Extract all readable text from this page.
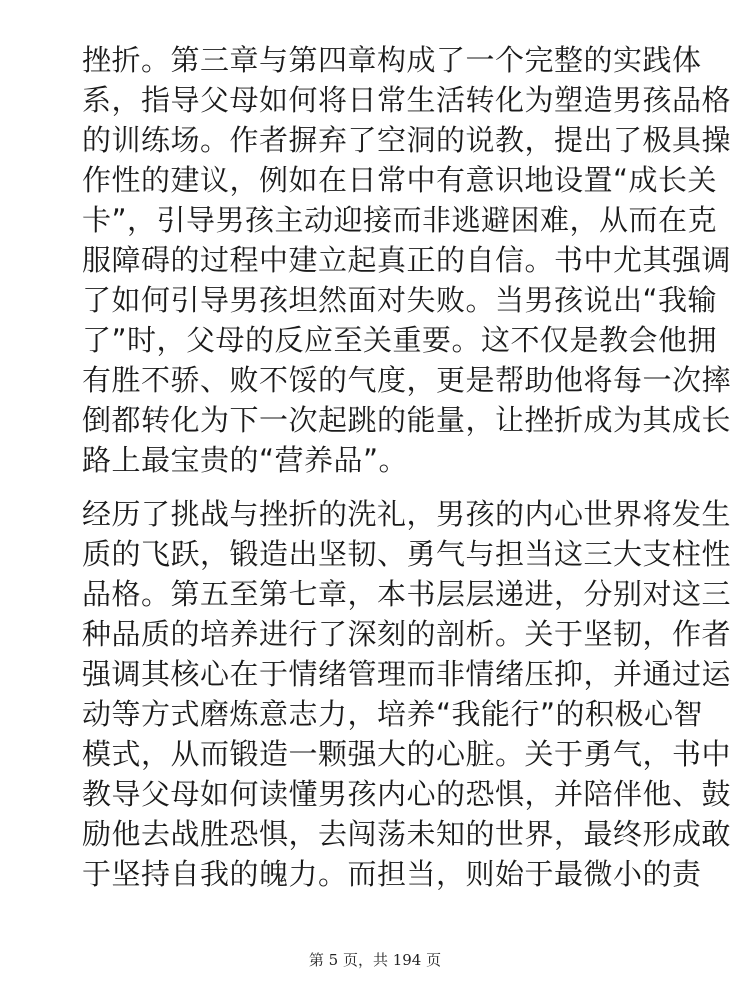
挫折。第三章与第四章构成了一个完整的实践体
系，指导父母如何将日常生活转化为塑造男孩品格
的训练场。作者摒弃了空洞的说教，提出了极具操
作性的建议，例如在日常中有意识地设置“成长关
卡”，引导男孩主动迎接而非逃避困难，从而在克
服障碍的过程中建立起真正的自信。书中尤其强调
了如何引导男孩坦然面对失败。当男孩说出“我输
了”时，父母的反应至关重要。这不仅是教会他拥
有胜不骄、败不馁的气度，更是帮助他将每一次摔
倒都转化为下一次起跳的能量，让挫折成为其成长
路上最宝贵的“营养品”。
经历了挑战与挫折的洗礼，男孩的内心世界将发生
质的飞跃，锻造出坚韧、勇气与担当这三大支柱性
品格。第五至第七章，本书层层递进，分别对这三
种品质的培养进行了深刻的剖析。关于坚韧，作者
强调其核心在于情绪管理而非情绪压抑，并通过运
动等方式磨炼意志力，培养“我能行”的积极心智
模式，从而锻造一颗强大的心脏。关于勇气，书中
教导父母如何读懂男孩内心的恐惧，并陪伴他、鼓
励他去战胜恐惧，去闯荡未知的世界，最终形成敢
于坚持自我的魄力。而担当，则始于最微小的责
第 5 页，共 194 页
